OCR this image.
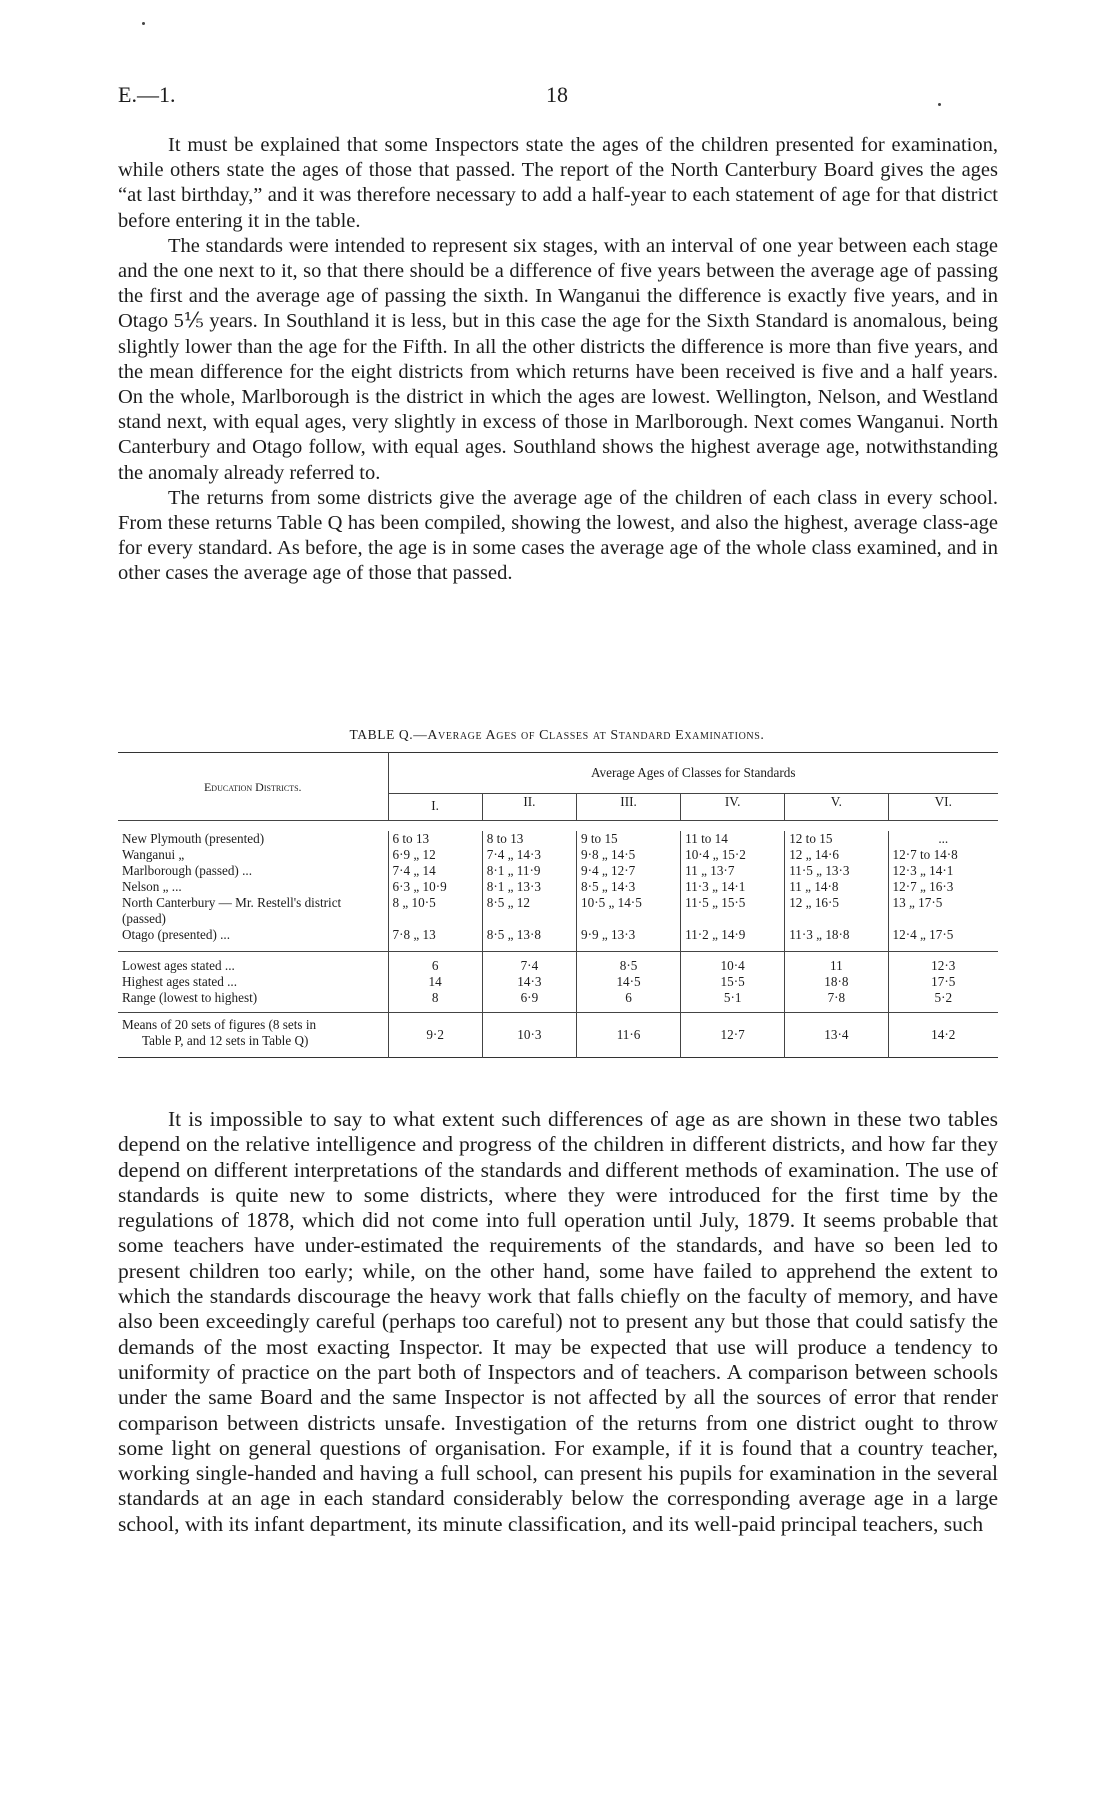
E.—1.	18

It must be explained that some Inspectors state the ages of the children presented for examination, while others state the ages of those that passed. The report of the North Canterbury Board gives the ages “at last birthday,” and it was therefore necessary to add a half-year to each statement of age for that district before entering it in the table.

The standards were intended to represent six stages, with an interval of one year between each stage and the one next to it, so that there should be a difference of five years between the average age of passing the first and the average age of passing the sixth. In Wanganui the difference is exactly five years, and in Otago 5⅕ years. In Southland it is less, but in this case the age for the Sixth Standard is anomalous, being slightly lower than the age for the Fifth. In all the other districts the difference is more than five years, and the mean difference for the eight districts from which returns have been received is five and a half years. On the whole, Marlborough is the district in which the ages are lowest. Wellington, Nelson, and Westland stand next, with equal ages, very slightly in excess of those in Marlborough. Next comes Wanganui. North Canterbury and Otago follow, with equal ages. Southland shows the highest average age, notwithstanding the anomaly already referred to.

The returns from some districts give the average age of the children of each class in every school. From these returns Table Q has been compiled, showing the lowest, and also the highest, average class-age for every standard. As before, the age is in some cases the average age of the whole class examined, and in other cases the average age of those that passed.

TABLE Q.—Average Ages of Classes at Standard Examinations.
Education Districts.	Average Ages of Classes for Standards					
	I.	II.	III.	IV.	V.	VI.

New Plymouth (presented)	6 to 13	8 to 13	9 to 15	11 to 14	12 to 15	...
Wanganui „	6·9 „ 12	7·4 „ 14·3	9·8 „ 14·5	10·4 „ 15·2	12 „ 14·6	12·7 to 14·8
Marlborough (passed) ...	7·4 „ 14	8·1 „ 11·9	9·4 „ 12·7	11 „ 13·7	11·5 „ 13·3	12·3 „ 14·1
Nelson „ ...	6·3 „ 10·9	8·1 „ 13·3	8·5 „ 14·3	11·3 „ 14·1	11 „ 14·8	12·7 „ 16·3
North Canterbury — Mr. Restell's district (passed)	8 „ 10·5	8·5 „ 12	10·5 „ 14·5	11·5 „ 15·5	12 „ 16·5	13 „ 17·5
Otago (presented) ...	7·8 „ 13	8·5 „ 13·8	9·9 „ 13·3	11·2 „ 14·9	11·3 „ 18·8	12·4 „ 17·5
Lowest ages stated ...	6	7·4	8·5	10·4	11	12·3
Highest ages stated ...	14	14·3	14·5	15·5	18·8	17·5
Range (lowest to highest)	8	6·9	6	5·1	7·8	5·2

Means of 20 sets of figures (8 sets in
Table P, and 12 sets in Table Q)	9·2	10·3	11·6	12·7	13·4	14·2

It is impossible to say to what extent such differences of age as are shown in these two tables depend on the relative intelligence and progress of the children in different districts, and how far they depend on different interpretations of the standards and different methods of examination. The use of standards is quite new to some districts, where they were introduced for the first time by the regulations of 1878, which did not come into full operation until July, 1879. It seems probable that some teachers have under-estimated the requirements of the standards, and have so been led to present children too early; while, on the other hand, some have failed to apprehend the extent to which the standards discourage the heavy work that falls chiefly on the faculty of memory, and have also been exceedingly careful (perhaps too careful) not to present any but those that could satisfy the demands of the most exacting Inspector. It may be expected that use will produce a tendency to uniformity of practice on the part both of Inspectors and of teachers. A comparison between schools under the same Board and the same Inspector is not affected by all the sources of error that render comparison between districts unsafe. Investigation of the returns from one district ought to throw some light on general questions of organisation. For example, if it is found that a country teacher, working single-handed and having a full school, can present his pupils for examination in the several standards at an age in each standard considerably below the corresponding average age in a large school, with its infant department, its minute classification, and its well-paid principal teachers, such
